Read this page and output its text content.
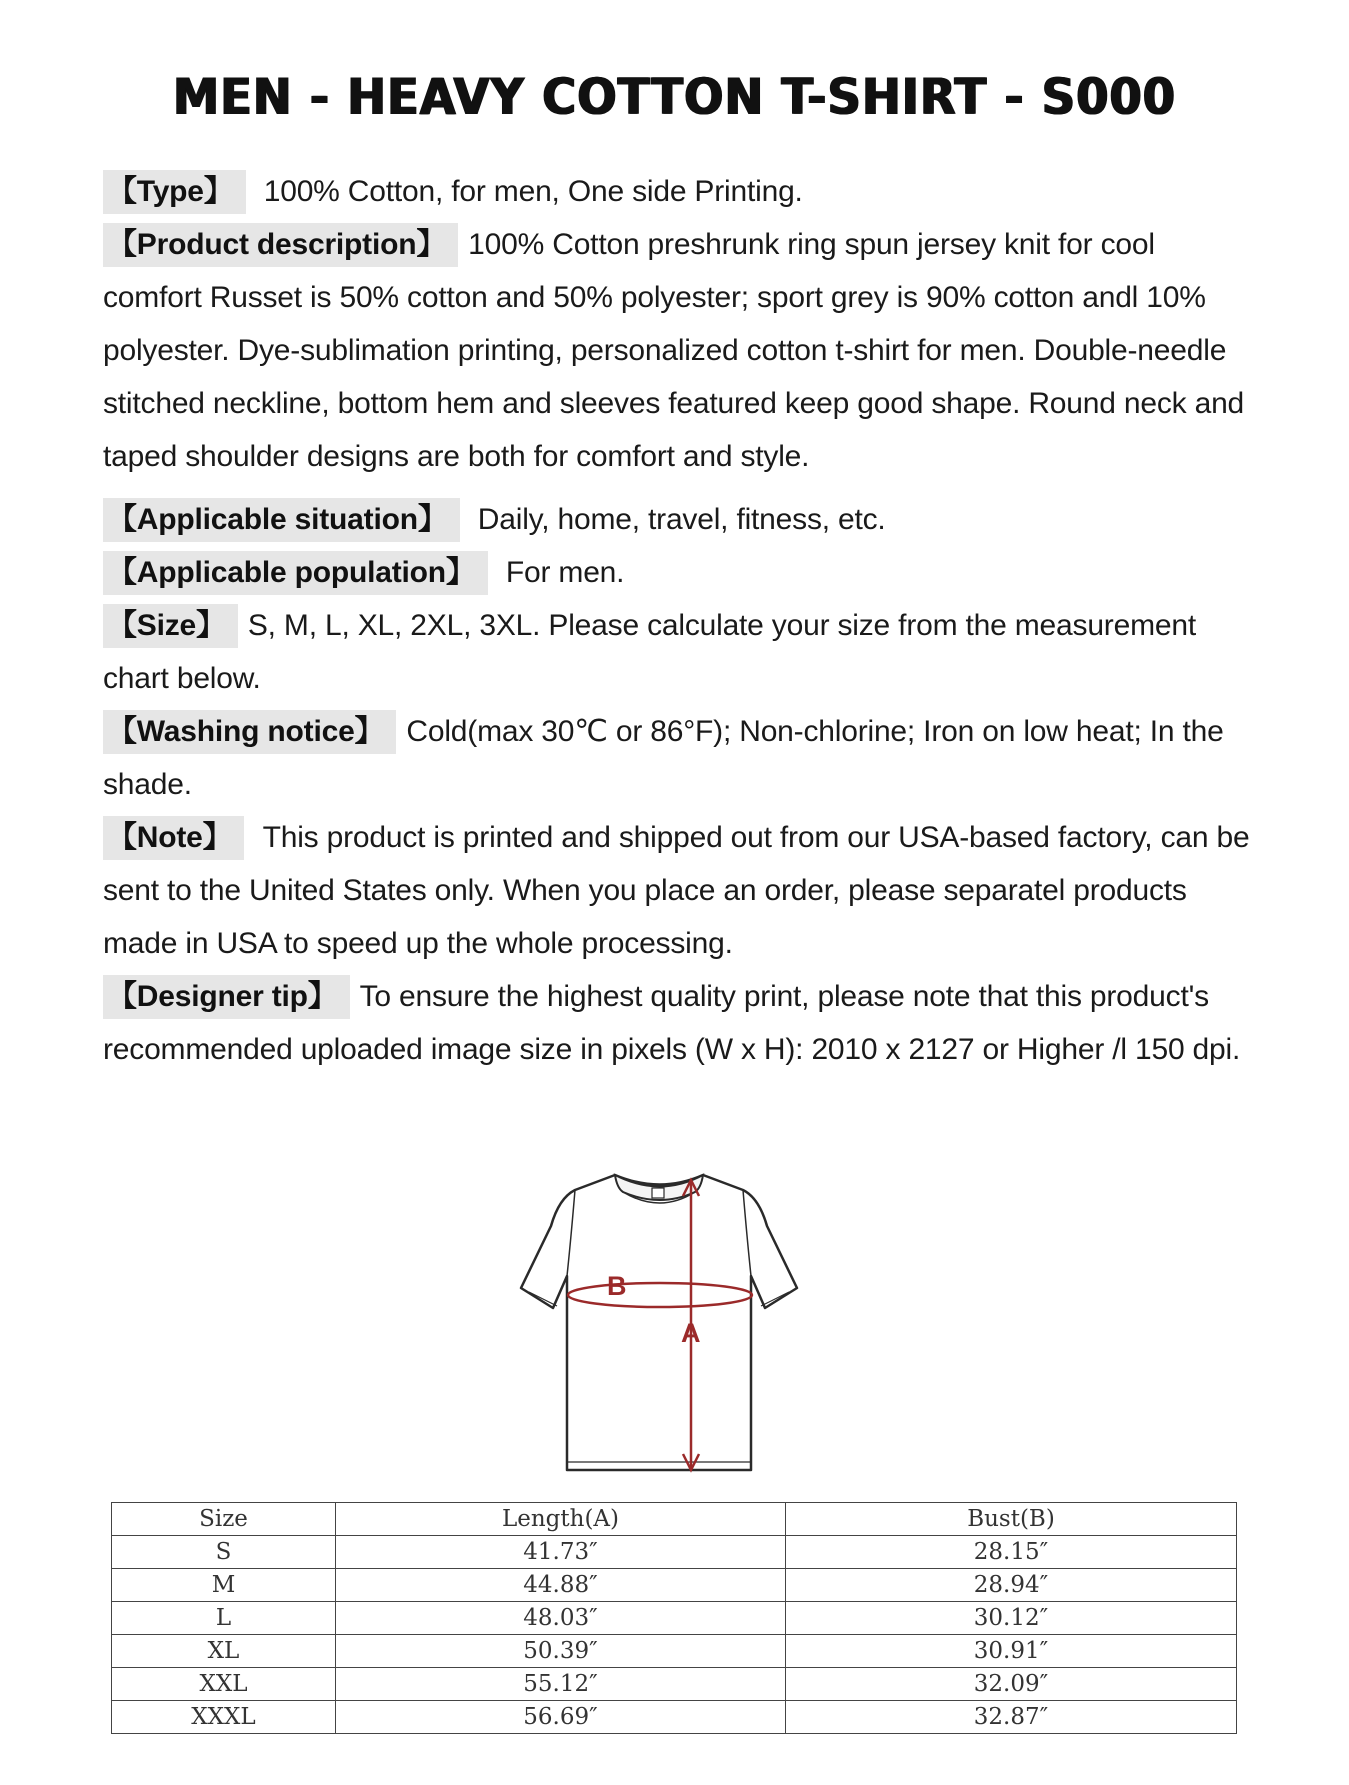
MEN - HEAVY COTTON T-SHIRT - S000

【Type】 100% Cotton, for men, One side Printing.

【Product description】 100% Cotton preshrunk ring spun jersey knit for cool comfort Russet is 50% cotton and 50% polyester; sport grey is 90% cotton andl 10% polyester. Dye-sublimation printing, personalized cotton t-shirt for men. Double-needle stitched neckline, bottom hem and sleeves featured keep good shape. Round neck and taped shoulder designs are both for comfort and style.

【Applicable situation】 Daily, home, travel, fitness, etc.

【Applicable population】 For men.

【Size】 S, M, L, XL, 2XL, 3XL. Please calculate your size from the measurement chart below.

【Washing notice】 Cold(max 30℃ or 86°F); Non-chlorine; Iron on low heat; In the shade.

【Note】 This product is printed and shipped out from our USA-based factory, can be sent to the United States only. When you place an order, please separatel products made in USA to speed up the whole processing.

【Designer tip】 To ensure the highest quality print, please note that this product's recommended uploaded image size in pixels (W x H): 2010 x 2127 or Higher /l 150 dpi.

B
A
Size	Length(A)	Bust(B)
S	41.73″	28.15″
M	44.88″	28.94″
L	48.03″	30.12″
XL	50.39″	30.91″
XXL	55.12″	32.09″
XXXL	56.69″	32.87″
